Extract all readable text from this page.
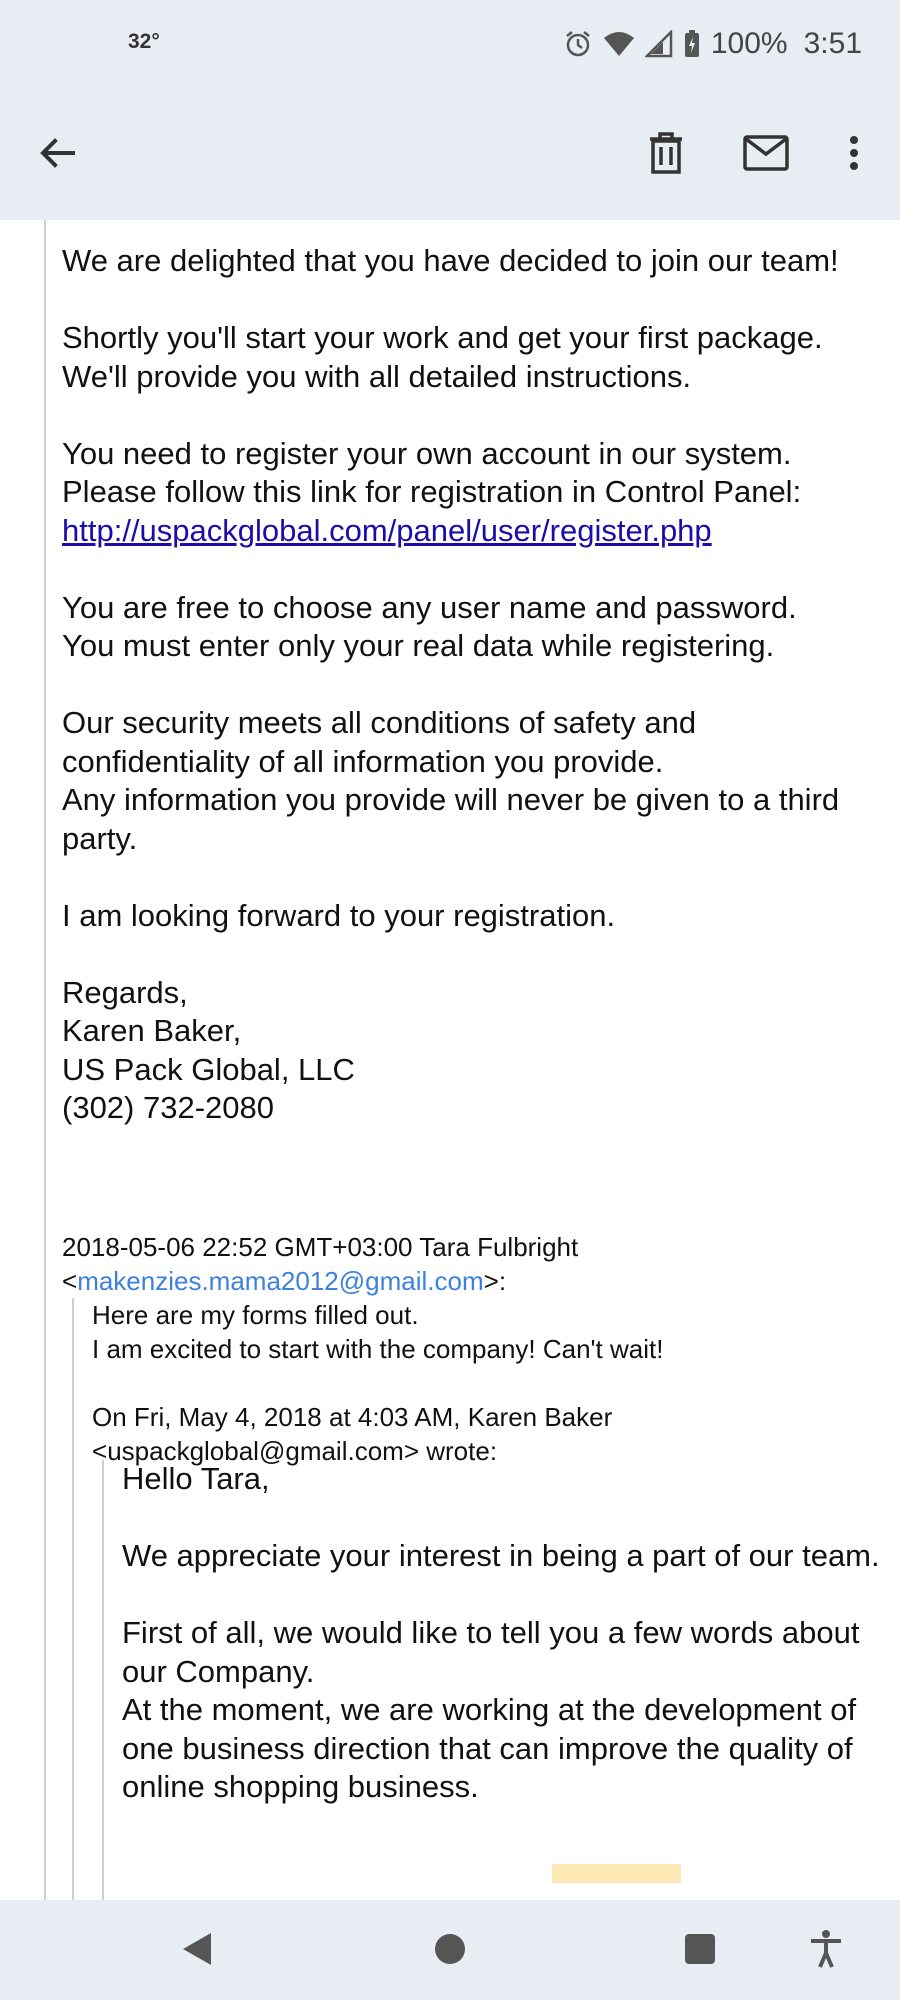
32°	100% 3:51

We are delighted that you have decided to join our team!

Shortly you'll start your work and get your first package. We'll provide you with all detailed instructions.

You need to register your own account in our system.
Please follow this link for registration in Control Panel:
http://uspackglobal.com/panel/user/register.php

You are free to choose any user name and password.
You must enter only your real data while registering.

Our security meets all conditions of safety and confidentiality of all information you provide.
Any information you provide will never be given to a third party.

I am looking forward to your registration.

Regards,
Karen Baker,
US Pack Global, LLC
(302) 732-2080

2018-05-06 22:52 GMT+03:00 Tara Fulbright
<makenzies.mama2012@gmail.com>:
Here are my forms filled out.
I am excited to start with the company! Can't wait!

On Fri, May 4, 2018 at 4:03 AM, Karen Baker
<uspackglobal@gmail.com> wrote:

Hello Tara,

We appreciate your interest in being a part of our team.

First of all, we would like to tell you a few words about our Company.
At the moment, we are working at the development of one business direction that can improve the quality of online shopping business.
